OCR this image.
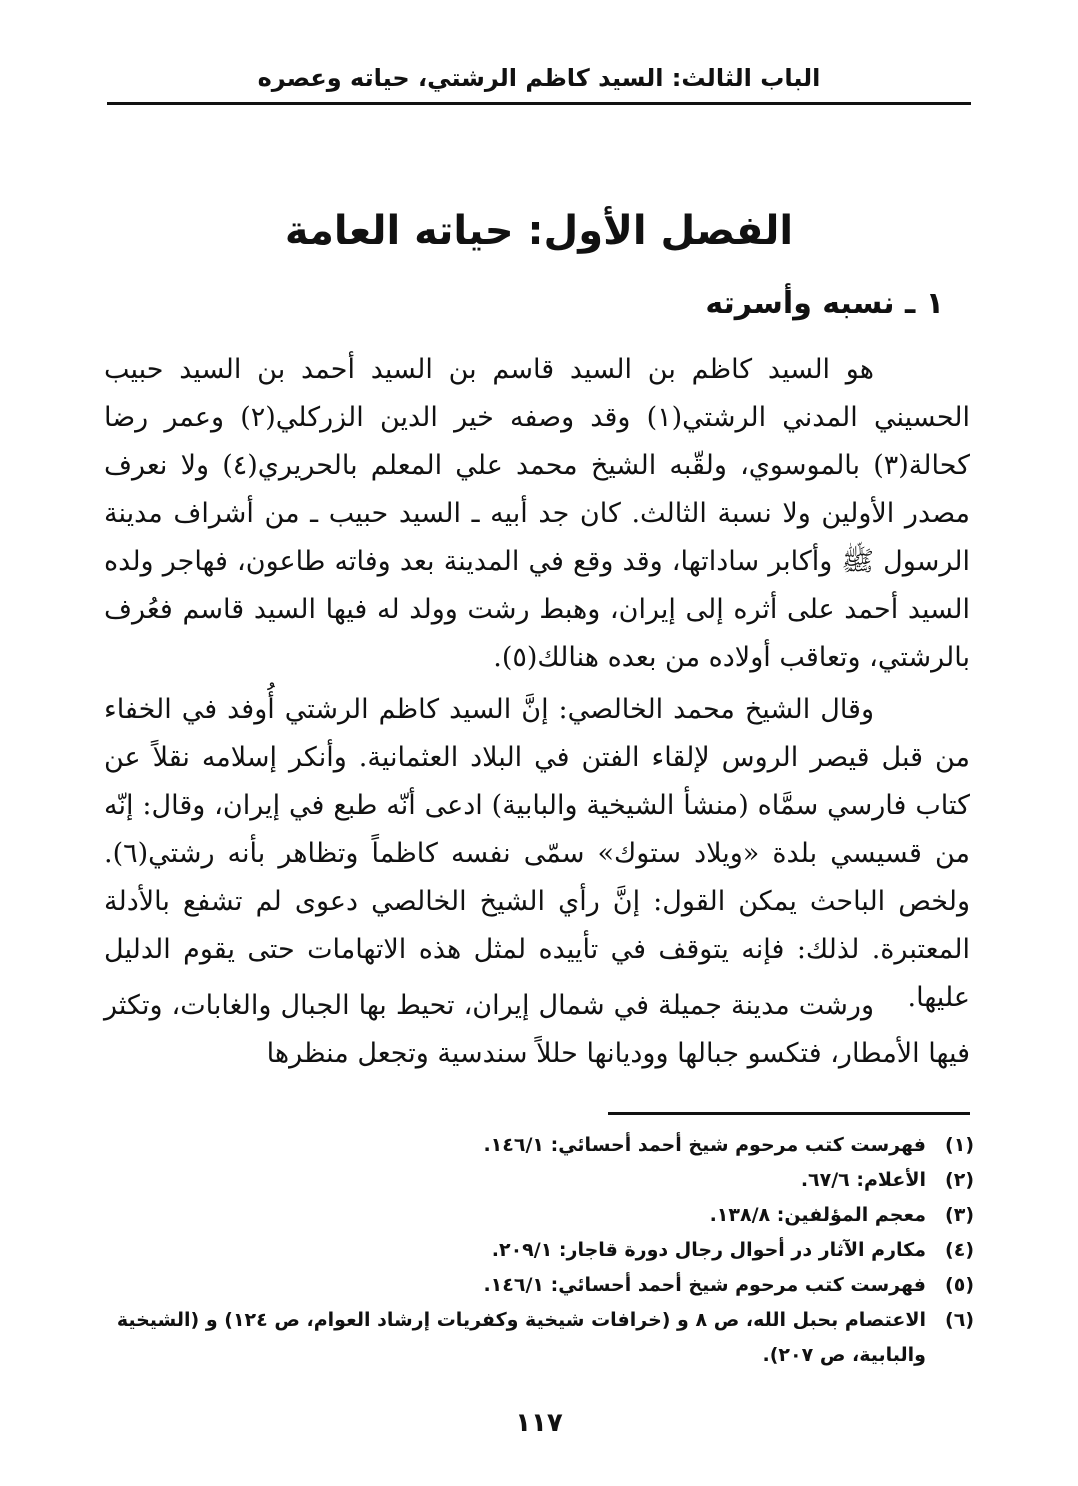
الباب الثالث: السيد كاظم الرشتي، حياته وعصره
الفصل الأول: حياته العامة
١ ـ نسبه وأسرته

هو السيد كاظم بن السيد قاسم بن السيد أحمد بن السيد حبيب الحسيني المدني الرشتي(١) وقد وصفه خير الدين الزركلي(٢) وعمر رضا كحالة(٣) بالموسوي، ولقّبه الشيخ محمد علي المعلم بالحريري(٤) ولا نعرف مصدر الأولين ولا نسبة الثالث. كان جد أبيه ـ السيد حبيب ـ من أشراف مدينة الرسول ﷺ وأكابر ساداتها، وقد وقع في المدينة بعد وفاته طاعون، فهاجر ولده السيد أحمد على أثره إلى إيران، وهبط رشت وولد له فيها السيد قاسم فعُرف بالرشتي، وتعاقب أولاده من بعده هنالك(٥).

وقال الشيخ محمد الخالصي: إنَّ السيد كاظم الرشتي أُوفد في الخفاء من قبل قيصر الروس لإلقاء الفتن في البلاد العثمانية. وأنكر إسلامه نقلاً عن كتاب فارسي سمَّاه (منشأ الشيخية والبابية) ادعى أنّه طبع في إيران، وقال: إنّه من قسيسي بلدة «ويلاد ستوك» سمّى نفسه كاظماً وتظاهر بأنه رشتي(٦). ولخص الباحث يمكن القول: إنَّ رأي الشيخ الخالصي دعوى لم تشفع بالأدلة المعتبرة. لذلك: فإنه يتوقف في تأييده لمثل هذه الاتهامات حتى يقوم الدليل عليها.

ورشت مدينة جميلة في شمال إيران، تحيط بها الجبال والغابات، وتكثر فيها الأمطار، فتكسو جبالها ووديانها حللاً سندسية وتجعل منظرها

(١)
فهرست كتب مرحوم شيخ أحمد أحسائي: ١٤٦/١.
(٢)
الأعلام: ٦٧/٦.
(٣)
معجم المؤلفين: ١٣٨/٨.
(٤)
مكارم الآثار در أحوال رجال دورة قاجار: ٢٠٩/١.
(٥)
فهرست كتب مرحوم شيخ أحمد أحسائي: ١٤٦/١.
(٦)
الاعتصام بحبل الله، ص ٨ و (خرافات شيخية وكفريات إرشاد العوام، ص ١٢٤) و (الشيخية والبابية، ص ٢٠٧).
١١٧
